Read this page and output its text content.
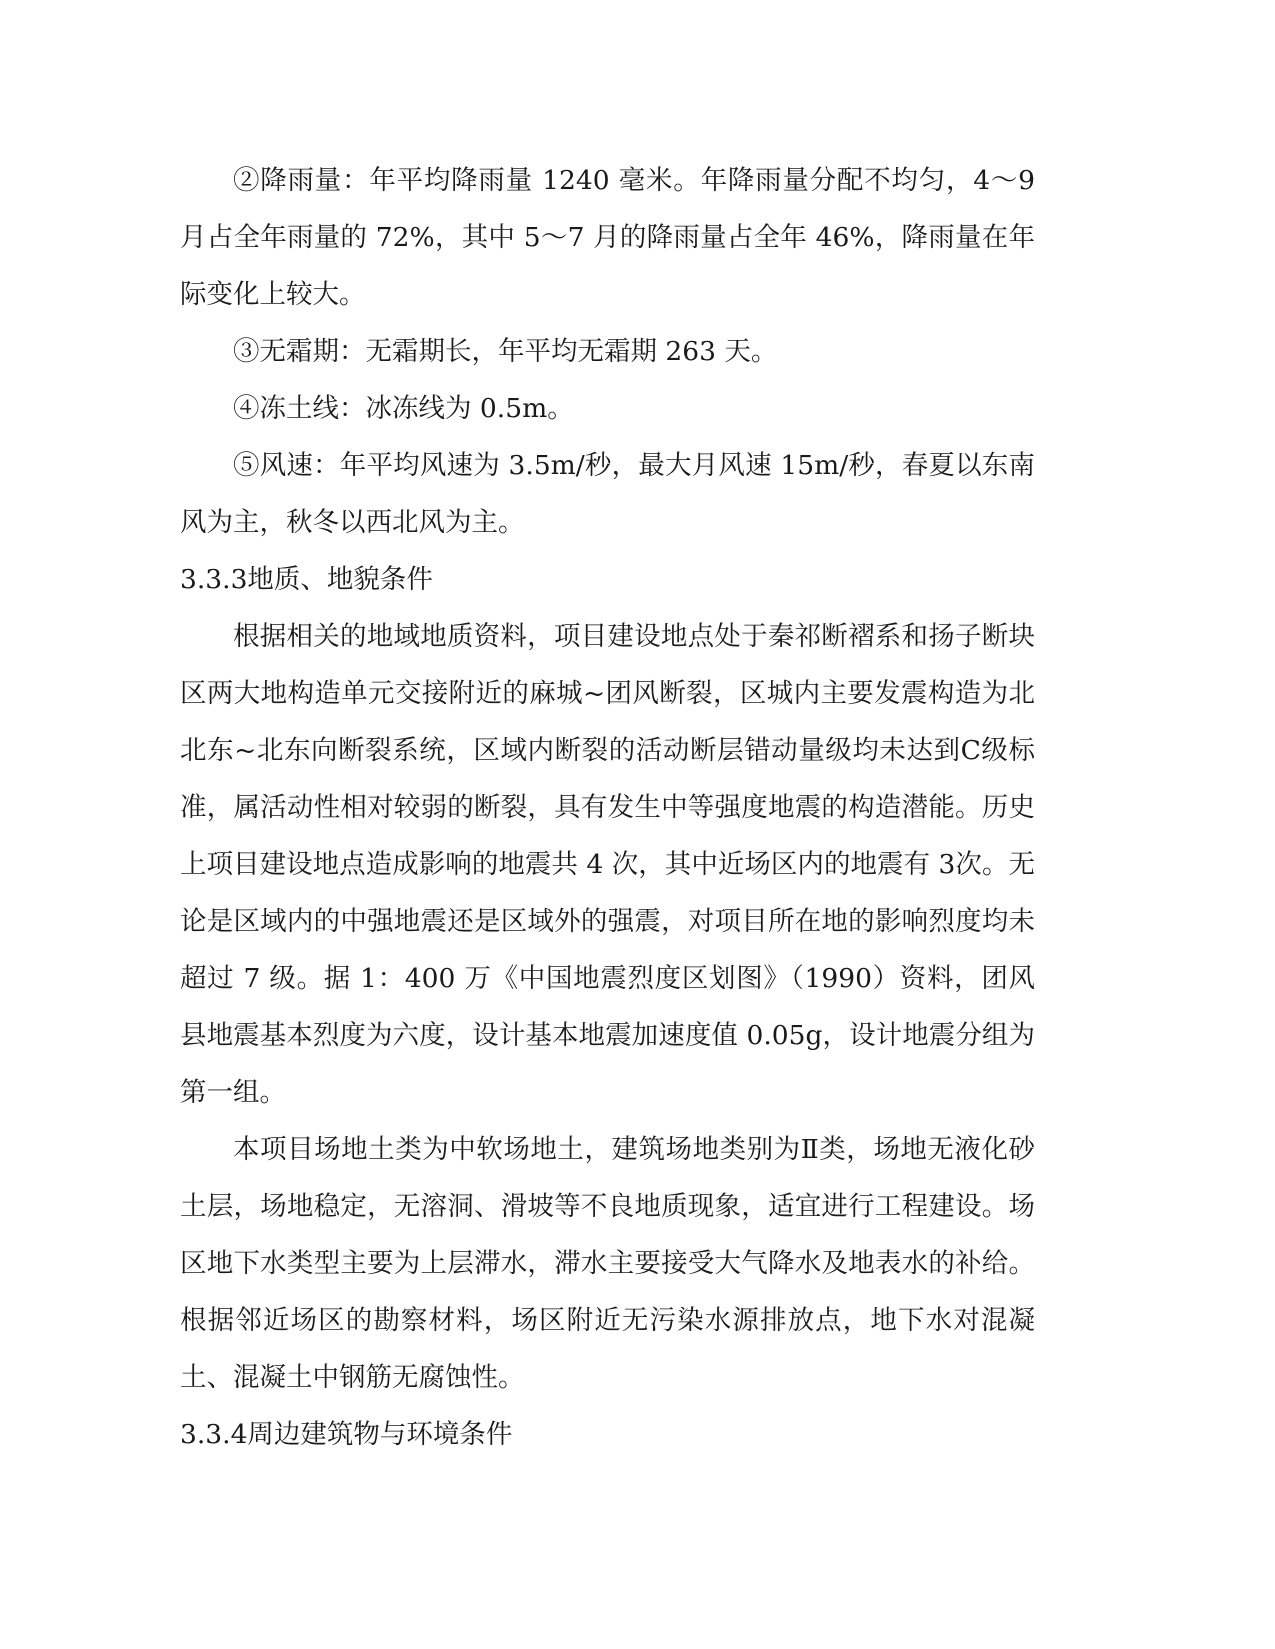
②降雨量：年平均降雨量 1240 毫米。年降雨量分配不均匀，4～9月占全年雨量的 72%，其中 5～7 月的降雨量占全年 46%，降雨量在年际变化上较大。

③无霜期：无霜期长，年平均无霜期 263 天。

④冻土线：冰冻线为 0.5m。

⑤风速：年平均风速为 3.5m/秒，最大月风速 15m/秒，春夏以东南风为主，秋冬以西北风为主。

3.3.3地质、地貌条件

根据相关的地域地质资料，项目建设地点处于秦祁断褶系和扬子断块区两大地构造单元交接附近的麻城~团风断裂，区城内主要发震构造为北北东~北东向断裂系统，区域内断裂的活动断层错动量级均未达到C级标准，属活动性相对较弱的断裂，具有发生中等强度地震的构造潜能。历史上项目建设地点造成影响的地震共 4 次，其中近场区内的地震有 3次。无论是区域内的中强地震还是区域外的强震，对项目所在地的影响烈度均未超过 7 级。据 1：400 万《中国地震烈度区划图》（1990）资料，团风县地震基本烈度为六度，设计基本地震加速度值 0.05g，设计地震分组为第一组。

本项目场地土类为中软场地土，建筑场地类别为Ⅱ类，场地无液化砂土层，场地稳定，无溶洞、滑坡等不良地质现象，适宜进行工程建设。场区地下水类型主要为上层滞水，滞水主要接受大气降水及地表水的补给。根据邻近场区的勘察材料，场区附近无污染水源排放点，地下水对混凝土、混凝土中钢筋无腐蚀性。

3.3.4周边建筑物与环境条件
